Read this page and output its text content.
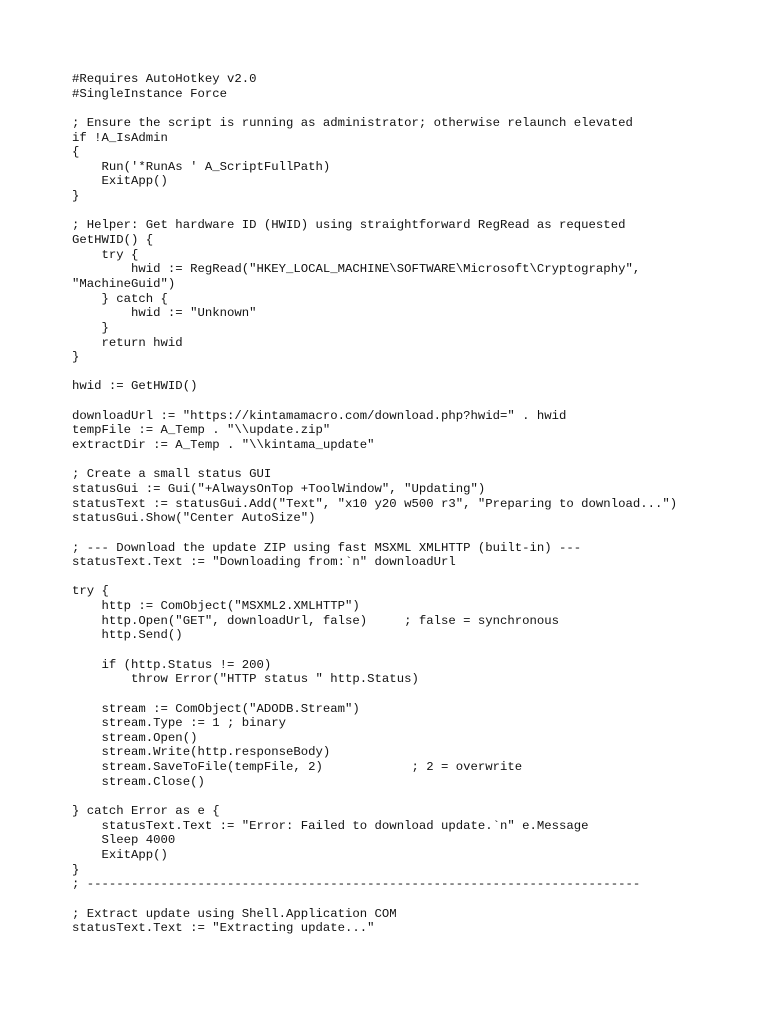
#Requires AutoHotkey v2.0
#SingleInstance Force
; Ensure the script is running as administrator; otherwise relaunch elevated
if !A_IsAdmin
{
Run('*RunAs ' A_ScriptFullPath)
ExitApp()
}
; Helper: Get hardware ID (HWID) using straightforward RegRead as requested
GetHWID() {
try {
hwid := RegRead("HKEY_LOCAL_MACHINE\SOFTWARE\Microsoft\Cryptography",
"MachineGuid")
} catch {
hwid := "Unknown"
}
return hwid
}
hwid := GetHWID()
downloadUrl := "https://kintamamacro.com/download.php?hwid=" . hwid
tempFile := A_Temp . "\\update.zip"
extractDir := A_Temp . "\\kintama_update"
; Create a small status GUI
statusGui := Gui("+AlwaysOnTop +ToolWindow", "Updating")
statusText := statusGui.Add("Text", "x10 y20 w500 r3", "Preparing to download...")
statusGui.Show("Center AutoSize")
; --- Download the update ZIP using fast MSXML XMLHTTP (built-in) ---
statusText.Text := "Downloading from:`n" downloadUrl
try {
http := ComObject("MSXML2.XMLHTTP")
http.Open("GET", downloadUrl, false)     ; false = synchronous
http.Send()
if (http.Status != 200)
throw Error("HTTP status " http.Status)
stream := ComObject("ADODB.Stream")
stream.Type := 1 ; binary
stream.Open()
stream.Write(http.responseBody)
stream.SaveToFile(tempFile, 2)            ; 2 = overwrite
stream.Close()
} catch Error as e {
statusText.Text := "Error: Failed to download update.`n" e.Message
Sleep 4000
ExitApp()
}
; ---------------------------------------------------------------------------
; Extract update using Shell.Application COM
statusText.Text := "Extracting update..."
